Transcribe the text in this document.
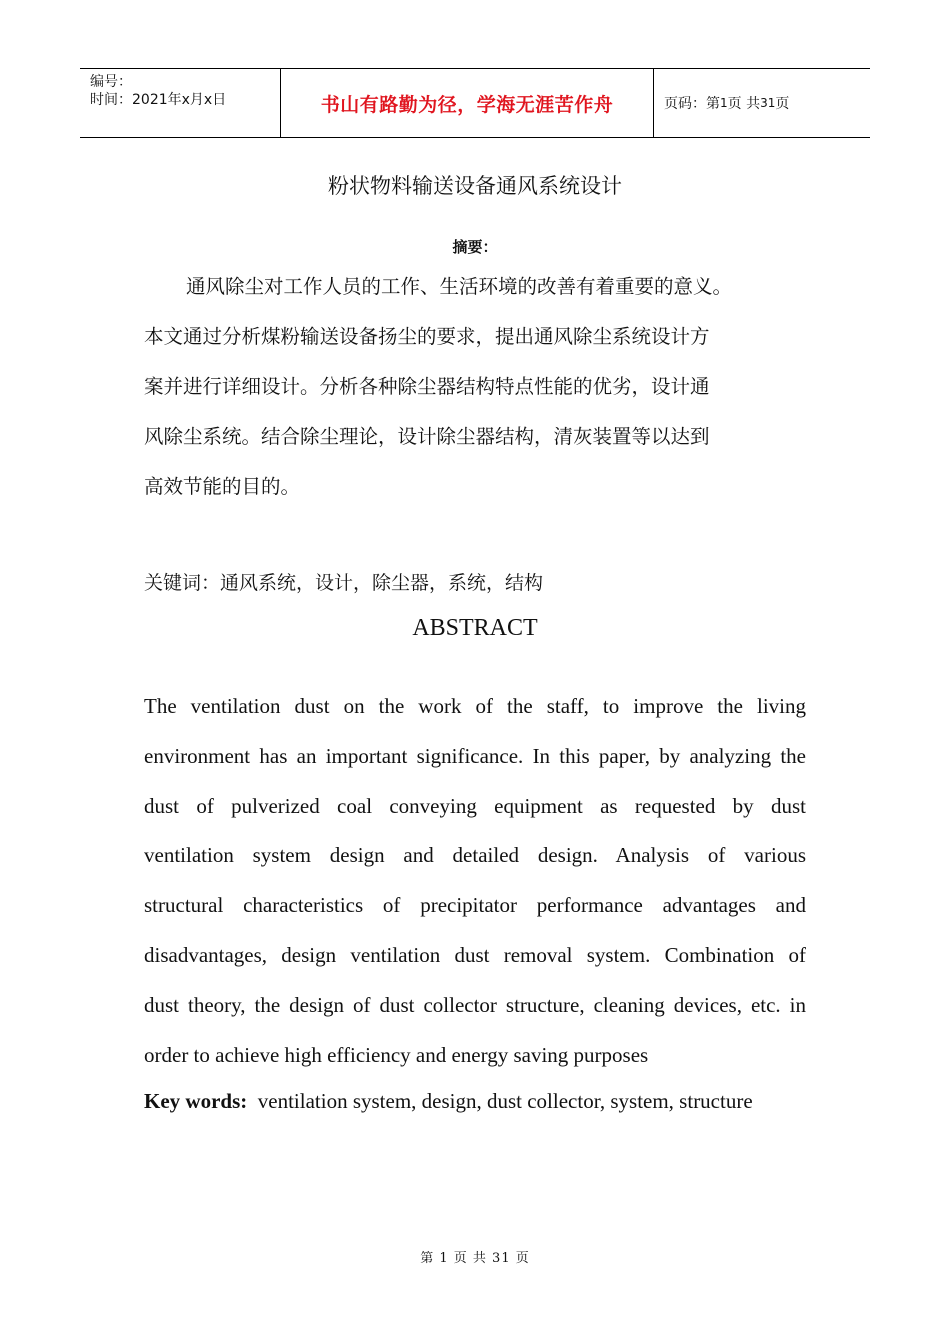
编号：
时间：2021年x月x日	书山有路勤为径，学海无涯苦作舟	页码：第 1 页 共 31 页
粉状物料输送设备通风系统设计
摘要：
通风除尘对工作人员的工作、生活环境的改善有着重要的意义。
本文通过分析煤粉输送设备扬尘的要求，提出通风除尘系统设计方
案并进行详细设计。分析各种除尘器结构特点性能的优劣，设计通
风除尘系统。结合除尘理论，设计除尘器结构，清灰装置等以达到
高效节能的目的。
关键词：通风系统，设计，除尘器，系统，结构
ABSTRACT
The ventilation dust on the work of the staff, to improve the living
environment has an important significance. In this paper, by analyzing the
dust of pulverized coal conveying equipment as requested by dust
ventilation system design and detailed design. Analysis of various
structural characteristics of precipitator performance advantages and
disadvantages, design ventilation dust removal system. Combination of
dust theory, the design of dust collector structure, cleaning devices, etc. in
order to achieve high efficiency and energy saving purposes
Key words: ventilation system, design, dust collector, system, structure
第 1 页 共 31 页
